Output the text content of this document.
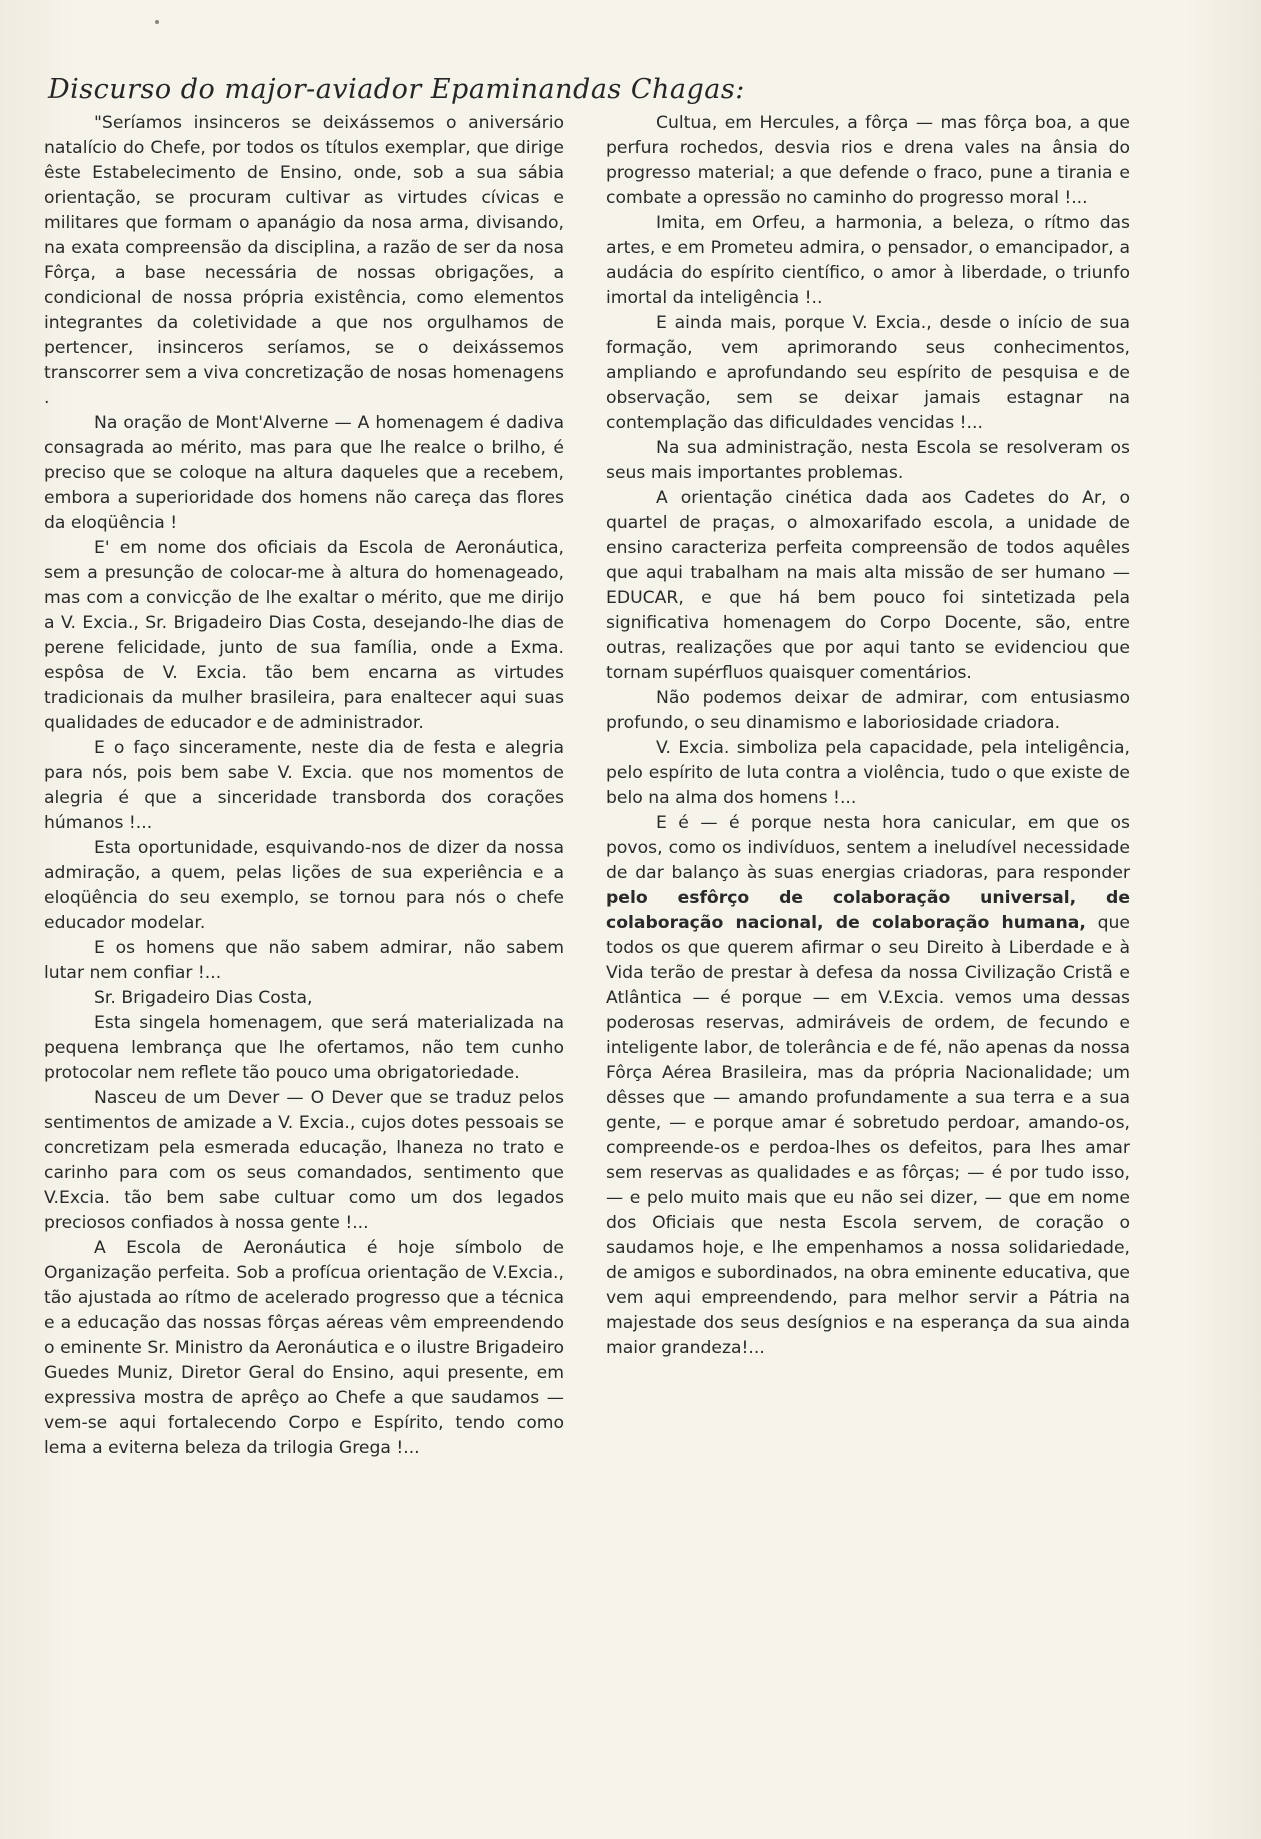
Discurso do major-aviador Epaminandas Chagas:

"Seríamos insinceros se deixássemos o aniversário natalício do Chefe, por todos os títulos exemplar, que dirige êste Estabelecimento de Ensino, onde, sob a sua sábia orientação, se procuram cultivar as virtudes cívicas e militares que formam o apanágio da nosa arma, divisando, na exata compreensão da disciplina, a razão de ser da nosa Fôrça, a base necessária de nossas obrigações, a condicional de nossa própria existência, como elementos integrantes da coletividade a que nos orgulhamos de pertencer, insinceros seríamos, se o deixássemos transcorrer sem a viva concretização de nosas homenagens .

Na oração de Mont'Alverne — A homenagem é dadiva consagrada ao mérito, mas para que lhe realce o brilho, é preciso que se coloque na altura daqueles que a recebem, embora a superioridade dos homens não careça das flores da eloqüência !

E' em nome dos oficiais da Escola de Aeronáutica, sem a presunção de colocar-me à altura do homenageado, mas com a convicção de lhe exaltar o mérito, que me dirijo a V. Excia., Sr. Brigadeiro Dias Costa, desejando-lhe dias de perene felicidade, junto de sua família, onde a Exma. espôsa de V. Excia. tão bem encarna as virtudes tradicionais da mulher brasileira, para enaltecer aqui suas qualidades de educador e de administrador.

E o faço sinceramente, neste dia de festa e alegria para nós, pois bem sabe V. Excia. que nos momentos de alegria é que a sinceridade transborda dos corações húmanos !...

Esta oportunidade, esquivando-nos de dizer da nossa admiração, a quem, pelas lições de sua experiência e a eloqüência do seu exemplo, se tornou para nós o chefe educador modelar.

E os homens que não sabem admirar, não sabem lutar nem confiar !...

Sr. Brigadeiro Dias Costa,

Esta singela homenagem, que será materializada na pequena lembrança que lhe ofertamos, não tem cunho protocolar nem reflete tão pouco uma obrigatoriedade.

Nasceu de um Dever — O Dever que se traduz pelos sentimentos de amizade a V. Excia., cujos dotes pessoais se concretizam pela esmerada educação, lhaneza no trato e carinho para com os seus comandados, sentimento que V.Excia. tão bem sabe cultuar como um dos legados preciosos confiados à nossa gente !...

A Escola de Aeronáutica é hoje símbolo de Organização perfeita. Sob a profícua orientação de V.Excia., tão ajustada ao rítmo de acelerado progresso que a técnica e a educação das nossas fôrças aéreas vêm empreendendo o eminente Sr. Ministro da Aeronáutica e o ilustre Brigadeiro Guedes Muniz, Diretor Geral do Ensino, aqui presente, em expressiva mostra de aprêço ao Chefe a que saudamos — vem-se aqui fortalecendo Corpo e Espírito, tendo como lema a eviterna beleza da trilogia Grega !...

Cultua, em Hercules, a fôrça — mas fôrça boa, a que perfura rochedos, desvia rios e drena vales na ânsia do progresso material; a que defende o fraco, pune a tirania e combate a opressão no caminho do progresso moral !...

Imita, em Orfeu, a harmonia, a beleza, o rítmo das artes, e em Prometeu admira, o pensador, o emancipador, a audácia do espírito científico, o amor à liberdade, o triunfo imortal da inteligência !..

E ainda mais, porque V. Excia., desde o início de sua formação, vem aprimorando seus conhecimentos, ampliando e aprofundando seu espírito de pesquisa e de observação, sem se deixar jamais estagnar na contemplação das dificuldades vencidas !...

Na sua administração, nesta Escola se resolveram os seus mais importantes problemas.

A orientação cinética dada aos Cadetes do Ar, o quartel de praças, o almoxarifado escola, a unidade de ensino caracteriza perfeita compreensão de todos aquêles que aqui trabalham na mais alta missão de ser humano — EDUCAR, e que há bem pouco foi sintetizada pela significativa homenagem do Corpo Docente, são, entre outras, realizações que por aqui tanto se evidenciou que tornam supérfluos quaisquer comentários.

Não podemos deixar de admirar, com entusiasmo profundo, o seu dinamismo e laboriosidade criadora.

V. Excia. simboliza pela capacidade, pela inteligência, pelo espírito de luta contra a violência, tudo o que existe de belo na alma dos homens !...

E é — é porque nesta hora canicular, em que os povos, como os indivíduos, sentem a ineludível necessidade de dar balanço às suas energias criadoras, para responder pelo esfôrço de colaboração universal, de colaboração nacional, de colaboração humana, que todos os que querem afirmar o seu Direito à Liberdade e à Vida terão de prestar à defesa da nossa Civilização Cristã e Atlântica — é porque — em V.Excia. vemos uma dessas poderosas reservas, admiráveis de ordem, de fecundo e inteligente labor, de tolerância e de fé, não apenas da nossa Fôrça Aérea Brasileira, mas da própria Nacionalidade; um dêsses que — amando profundamente a sua terra e a sua gente, — e porque amar é sobretudo perdoar, amando-os, compreende-os e perdoa-lhes os defeitos, para lhes amar sem reservas as qualidades e as fôrças; — é por tudo isso, — e pelo muito mais que eu não sei dizer, — que em nome dos Oficiais que nesta Escola servem, de coração o saudamos hoje, e lhe empenhamos a nossa solidariedade, de amigos e subordinados, na obra eminente educativa, que vem aqui empreendendo, para melhor servir a Pátria na majestade dos seus desígnios e na esperança da sua ainda maior grandeza!...
